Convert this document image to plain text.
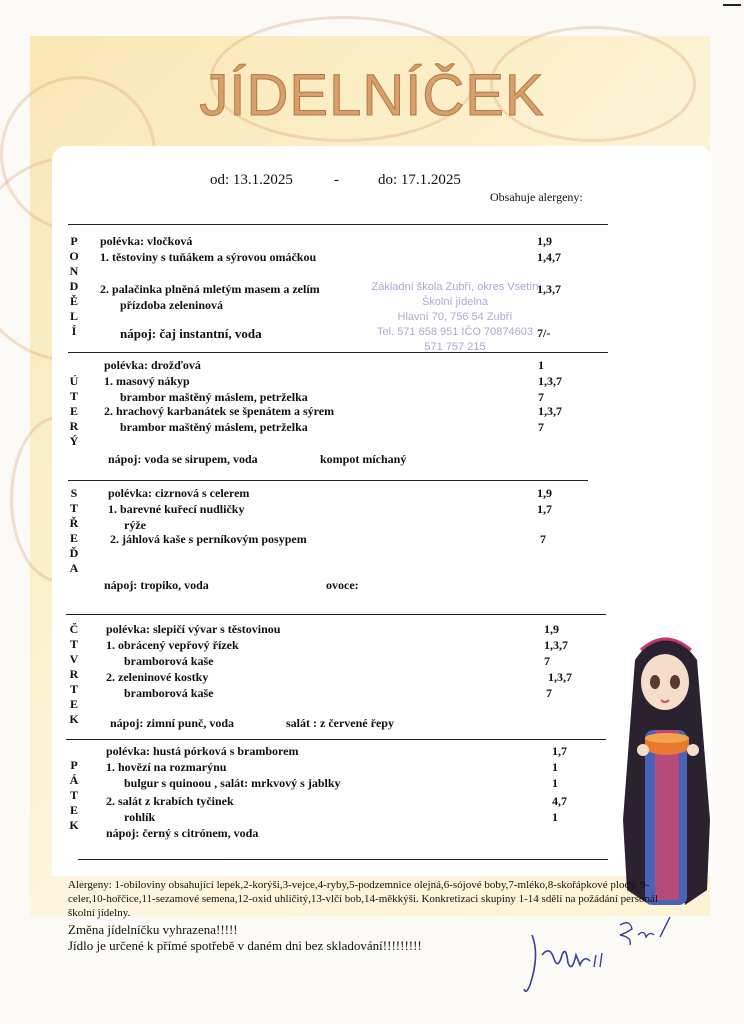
JÍDELNÍČEK
od: 13.1.2025	-	do: 17.1.2025
Obsahuje alergeny:
P
O
N
D
Ě
L
Í
polévka: vločková	1,9
1. těstoviny s tuňákem a sýrovou omáčkou	1,4,7
2. palačinka plněná mletým masem a zelím	1,3,7
přízdoba zeleninová
nápoj: čaj instantní, voda	7/-
Základní škola Zubří, okres Vsetín
Školní jídelna
Hlavní 70, 756 54 Zubří
Tel. 571 658 951 IČO 70874603
571 757 215
Ú
T
E
R
Ý
polévka: drožďová	1
1. masový nákyp	1,3,7
brambor maštěný máslem, petrželka	7
2. hrachový karbanátek se špenátem a sýrem	1,3,7
brambor maštěný máslem, petrželka	7
nápoj: voda se sirupem, voda	kompot míchaný
S
T
Ř
E
Ď
A
polévka: cizrnová s celerem	1,9
1. barevné kuřecí nudličky	1,7
rýže
2. jáhlová kaše s perníkovým posypem	7
nápoj: tropiko, voda	ovoce:
Č
T
V
R
T
E
K
polévka: slepičí vývar s těstovinou	1,9
1. obrácený vepřový řízek	1,3,7
bramborová kaše	7
2. zeleninové kostky	1,3,7
bramborová kaše	7
nápoj: zimní punč, voda	salát : z červené řepy
P
Á
T
E
K
polévka: hustá pórková s bramborem	1,7
1. hovězí na rozmarýnu	1
bulgur s quinoou , salát: mrkvový s jablky	1
2. salát z krabích tyčinek	4,7
rohlík	1
nápoj: černý s citrónem, voda
Alergeny: 1-obiloviny obsahující lepek,2-korýši,3-vejce,4-ryby,5-podzemnice olejná,6-sójové boby,7-mléko,8-skořápkové plody, 9-celer,10-hořčice,11-sezamové semena,12-oxid uhličitý,13-vlčí bob,14-měkkýši. Konkretizaci skupiny 1-14 sdělí na požádání personál školní jídelny.
Změna jídelníčku vyhrazena!!!!!
Jídlo je určené k přímé spotřebě v daném dni bez skladování!!!!!!!!!
